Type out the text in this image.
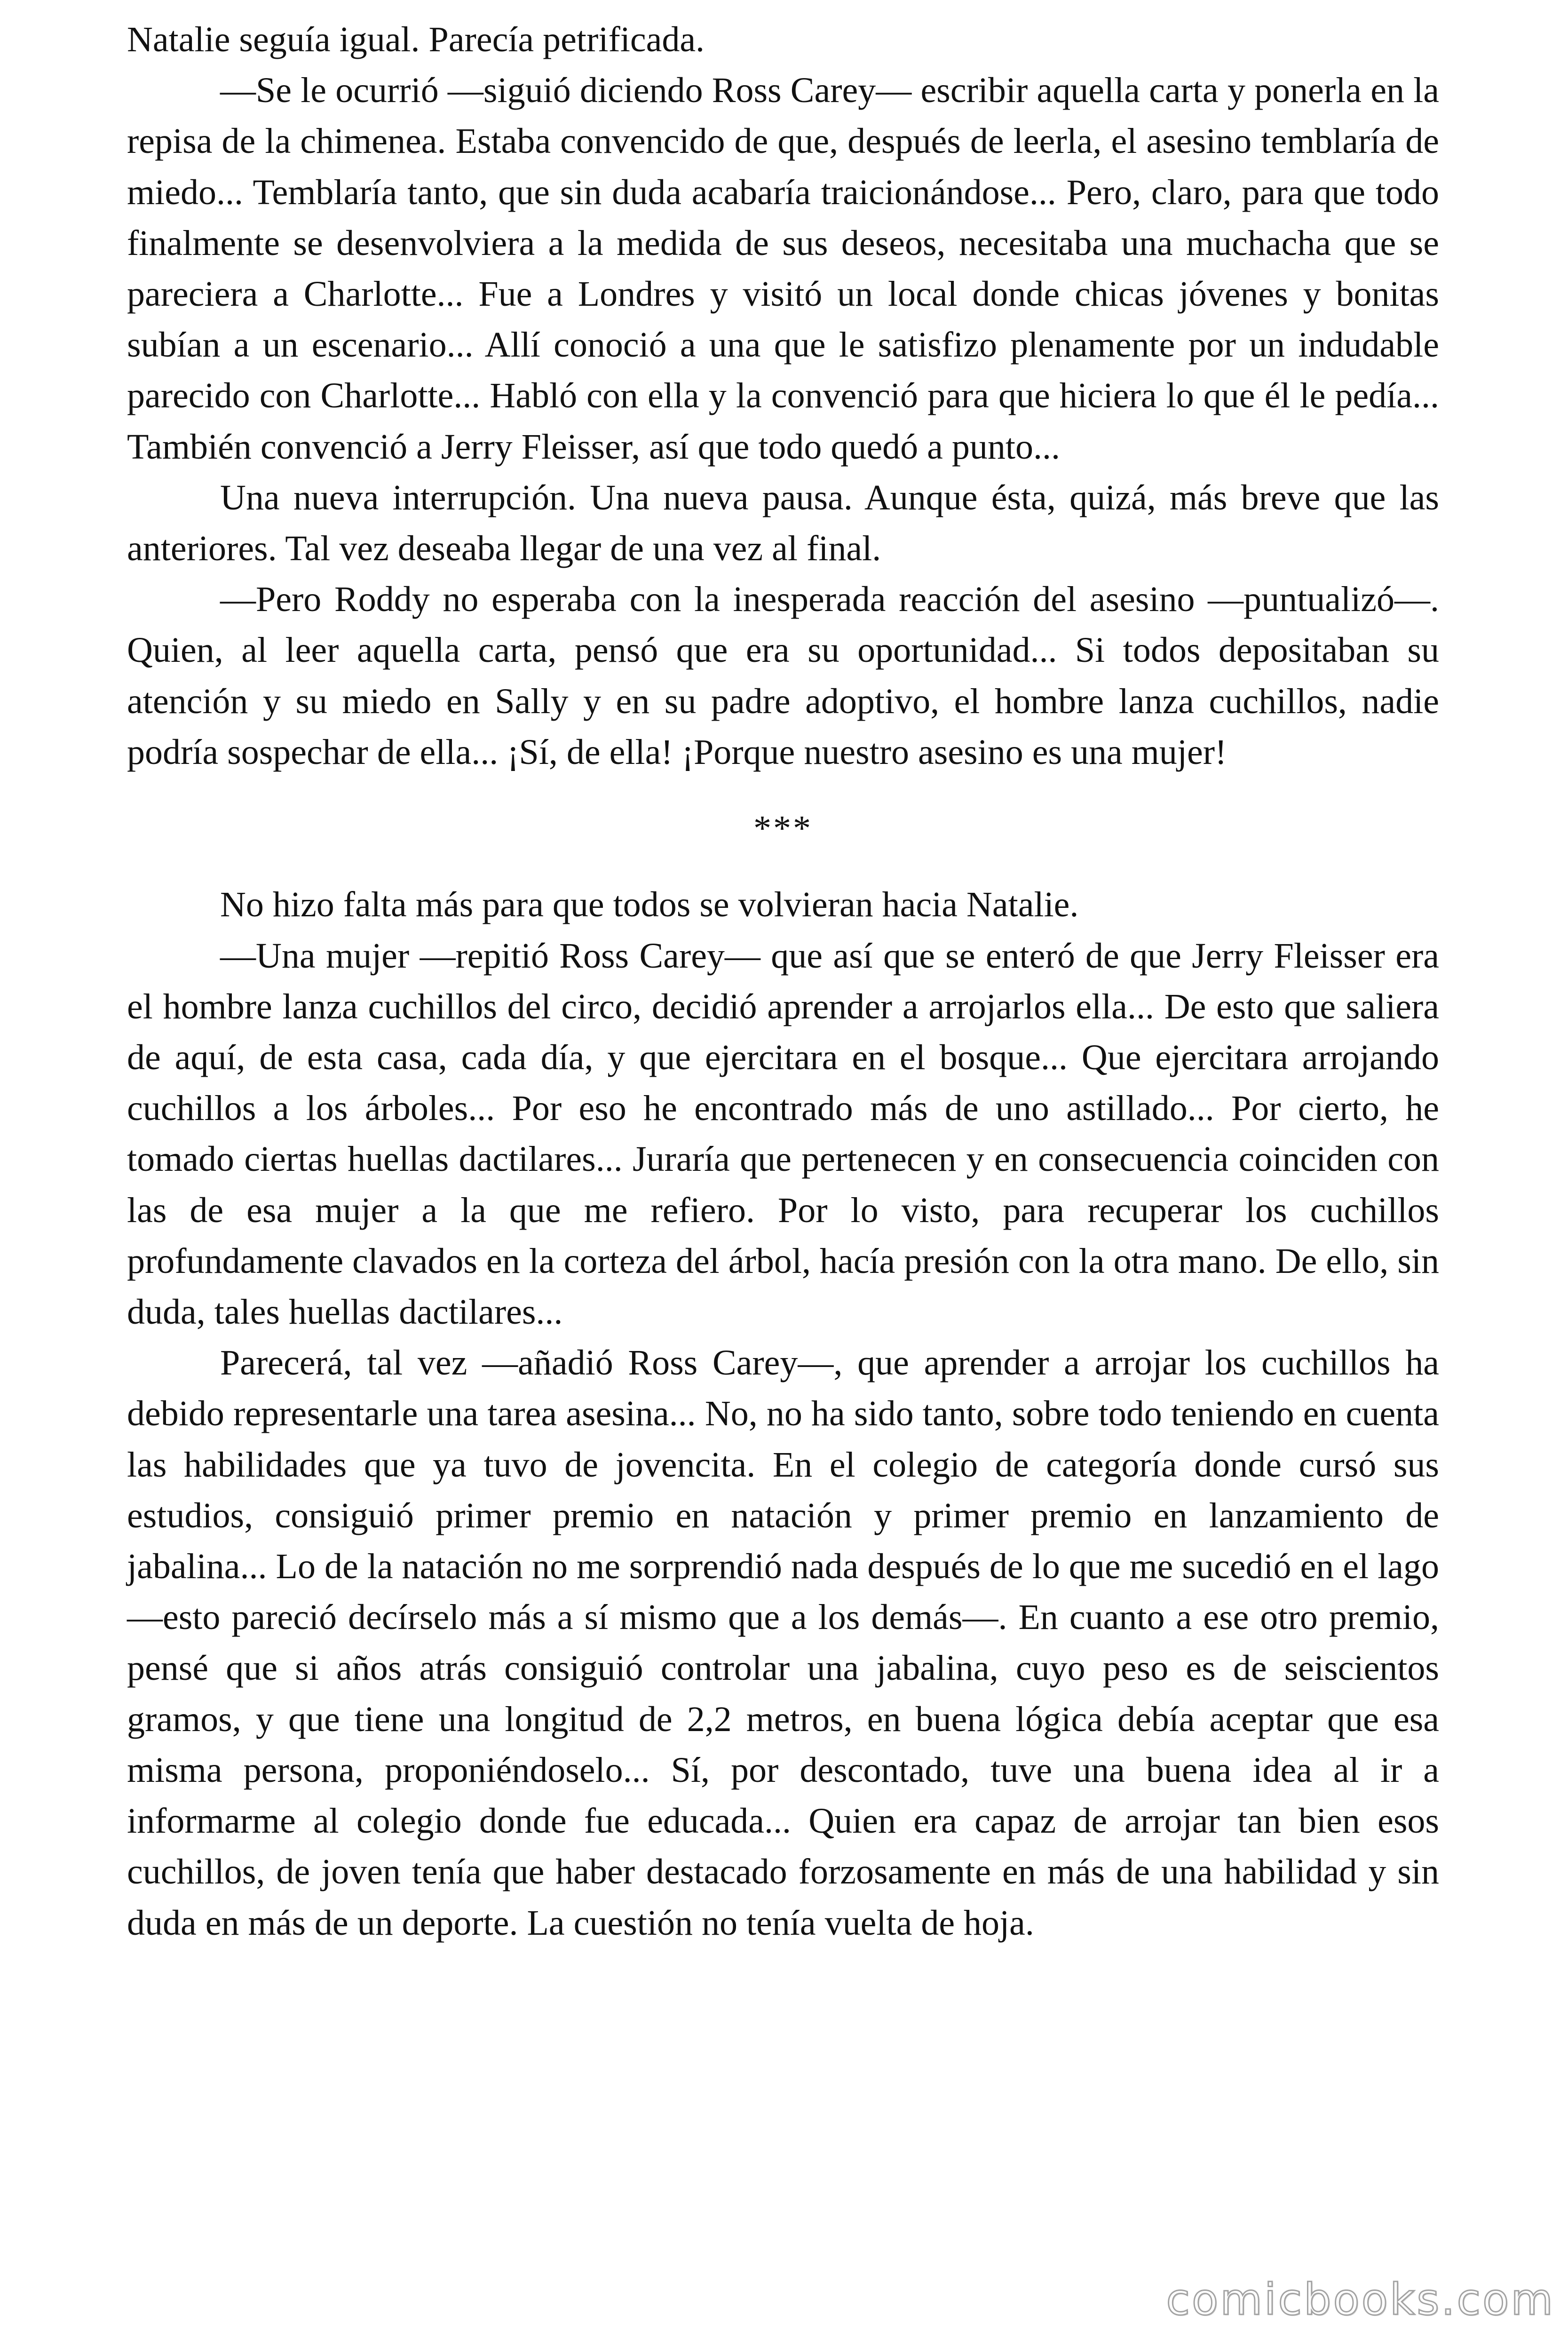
Natalie seguía igual. Parecía petrificada.

—Se le ocurrió —siguió diciendo Ross Carey— escribir aquella carta y ponerla en la repisa de la chimenea. Estaba convencido de que, después de leerla, el asesino temblaría de miedo... Temblaría tanto, que sin duda acabaría traicionándose... Pero, claro, para que todo finalmente se desenvolviera a la medida de sus deseos, necesitaba una muchacha que se pareciera a Charlotte... Fue a Londres y visitó un local donde chicas jóvenes y bonitas subían a un escenario... Allí conoció a una que le satisfizo plenamente por un indudable parecido con Charlotte... Habló con ella y la convenció para que hiciera lo que él le pedía... También convenció a Jerry Fleisser, así que todo quedó a punto...

Una nueva interrupción. Una nueva pausa. Aunque ésta, quizá, más breve que las anteriores. Tal vez deseaba llegar de una vez al final.

—Pero Roddy no esperaba con la inesperada reacción del asesino —puntualizó—. Quien, al leer aquella carta, pensó que era su oportunidad... Si todos depositaban su atención y su miedo en Sally y en su padre adoptivo, el hombre lanza cuchillos, nadie podría sospechar de ella... ¡Sí, de ella! ¡Porque nuestro asesino es una mujer!

***

No hizo falta más para que todos se volvieran hacia Natalie.

—Una mujer —repitió Ross Carey— que así que se enteró de que Jerry Fleisser era el hombre lanza cuchillos del circo, decidió aprender a arrojarlos ella... De esto que saliera de aquí, de esta casa, cada día, y que ejercitara en el bosque... Que ejercitara arrojando cuchillos a los árboles... Por eso he encontrado más de uno astillado... Por cierto, he tomado ciertas huellas dactilares... Juraría que pertenecen y en consecuencia coinciden con las de esa mujer a la que me refiero. Por lo visto, para recuperar los cuchillos profundamente clavados en la corteza del árbol, hacía presión con la otra mano. De ello, sin duda, tales huellas dactilares...

Parecerá, tal vez —añadió Ross Carey—, que aprender a arrojar los cuchillos ha debido representarle una tarea asesina... No, no ha sido tanto, sobre todo teniendo en cuenta las habilidades que ya tuvo de jovencita. En el colegio de categoría donde cursó sus estudios, consiguió primer premio en natación y primer premio en lanzamiento de jabalina... Lo de la natación no me sorprendió nada después de lo que me sucedió en el lago —esto pareció decírselo más a sí mismo que a los demás—. En cuanto a ese otro premio, pensé que si años atrás consiguió controlar una jabalina, cuyo peso es de seiscientos gramos, y que tiene una longitud de 2,2 metros, en buena lógica debía aceptar que esa misma persona, proponiéndoselo... Sí, por descontado, tuve una buena idea al ir a informarme al colegio donde fue educada... Quien era capaz de arrojar tan bien esos cuchillos, de joven tenía que haber destacado forzosamente en más de una habilidad y sin duda en más de un deporte. La cuestión no tenía vuelta de hoja.

comicbooks.com
